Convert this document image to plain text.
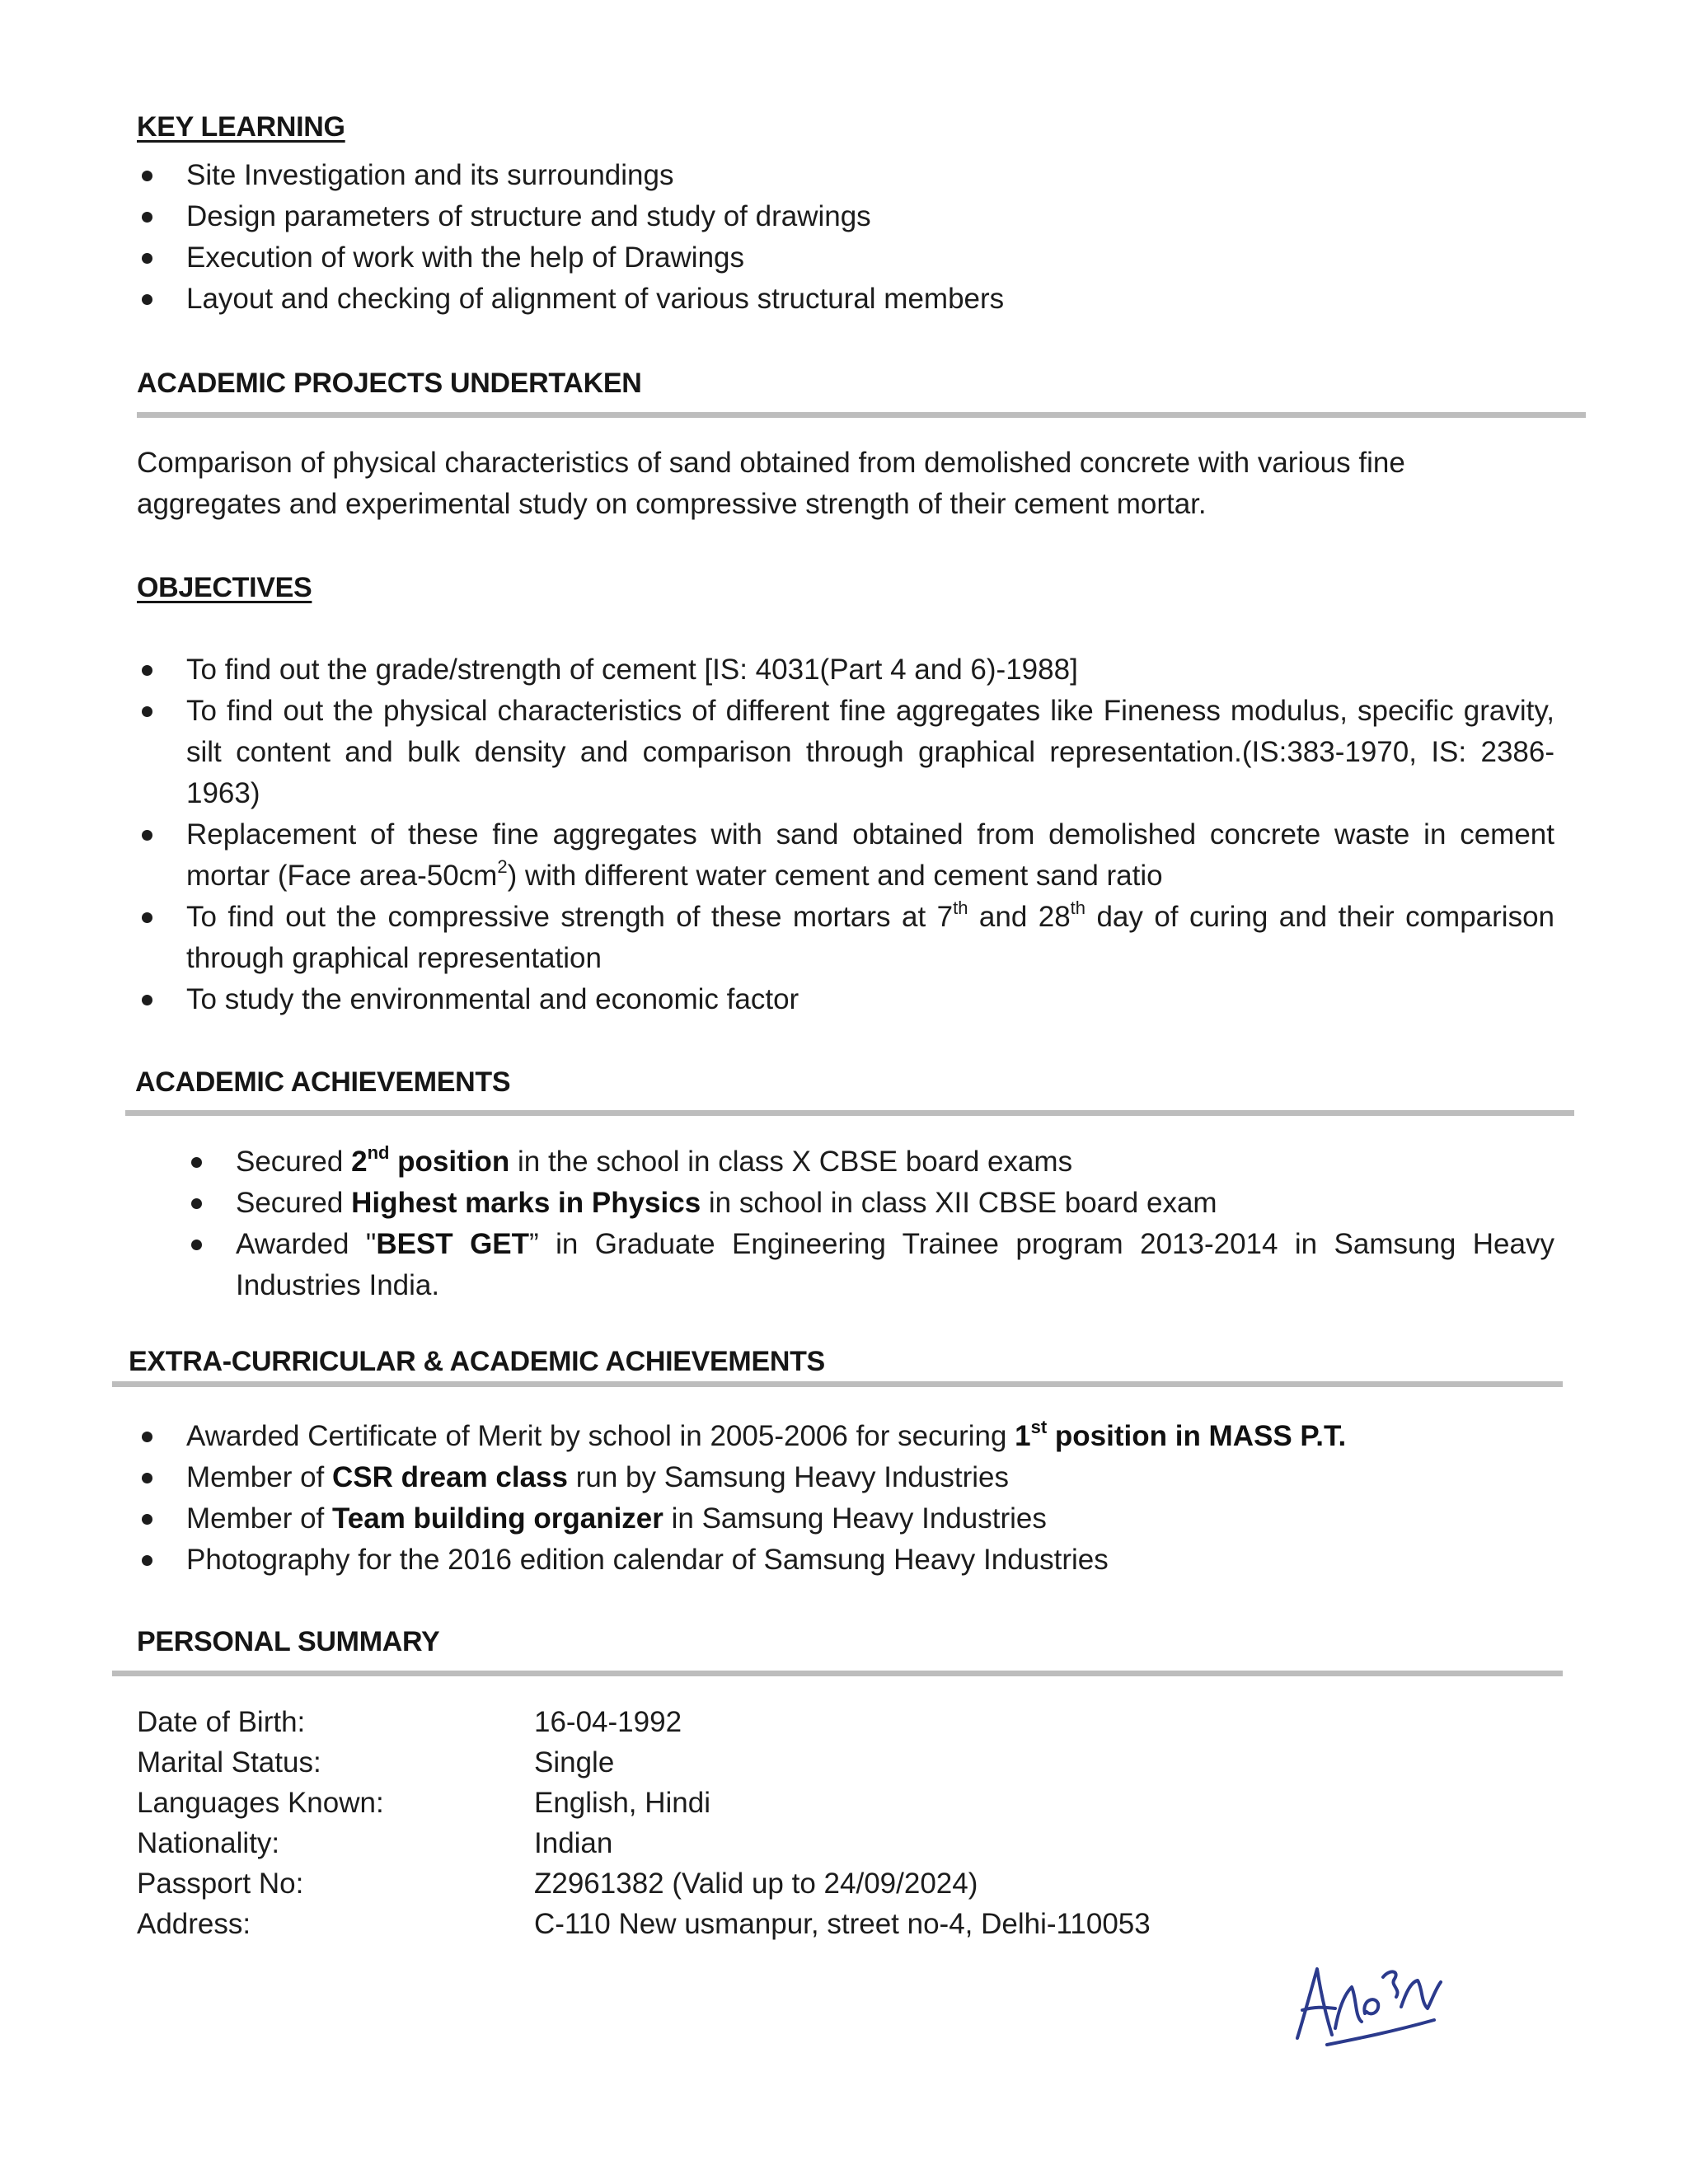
KEY LEARNING
Site Investigation and its surroundings
Design parameters of structure and study of drawings
Execution of work with the help of Drawings
Layout and checking of alignment of various structural members
ACADEMIC PROJECTS UNDERTAKEN
Comparison of physical characteristics of sand obtained from demolished concrete with various fine aggregates and experimental study on compressive strength of their cement mortar.
OBJECTIVES
To find out the grade/strength of cement [IS: 4031(Part 4 and 6)-1988]
To find out the physical characteristics of different fine aggregates like Fineness modulus, specific gravity, silt content and bulk density and comparison through graphical representation.(IS:383-1970, IS: 2386-1963)
Replacement of these fine aggregates with sand obtained from demolished concrete waste in cement mortar (Face area-$50cm^2$) with different water cement and cement sand ratio
To find out the compressive strength of these mortars at 7th and 28th day of curing and their comparison through graphical representation
To study the environmental and economic factor
ACADEMIC ACHIEVEMENTS
Secured 2nd position in the school in class X CBSE board exams
Secured Highest marks in Physics in school in class XII CBSE board exam
Awarded "BEST GET” in Graduate Engineering Trainee program 2013-2014 in Samsung Heavy Industries India.
EXTRA-CURRICULAR & ACADEMIC ACHIEVEMENTS
Awarded Certificate of Merit by school in 2005-2006 for securing 1st position in MASS P.T.
Member of CSR dream class run by Samsung Heavy Industries
Member of Team building organizer in Samsung Heavy Industries
Photography for the 2016 edition calendar of Samsung Heavy Industries
PERSONAL SUMMARY
Date of Birth:	16-04-1992
Marital Status:	Single
Languages Known:	English, Hindi
Nationality:	Indian
Passport No:	Z2961382 (Valid up to 24/09/2024)
Address:	C-110 New usmanpur, street no-4, Delhi-110053
